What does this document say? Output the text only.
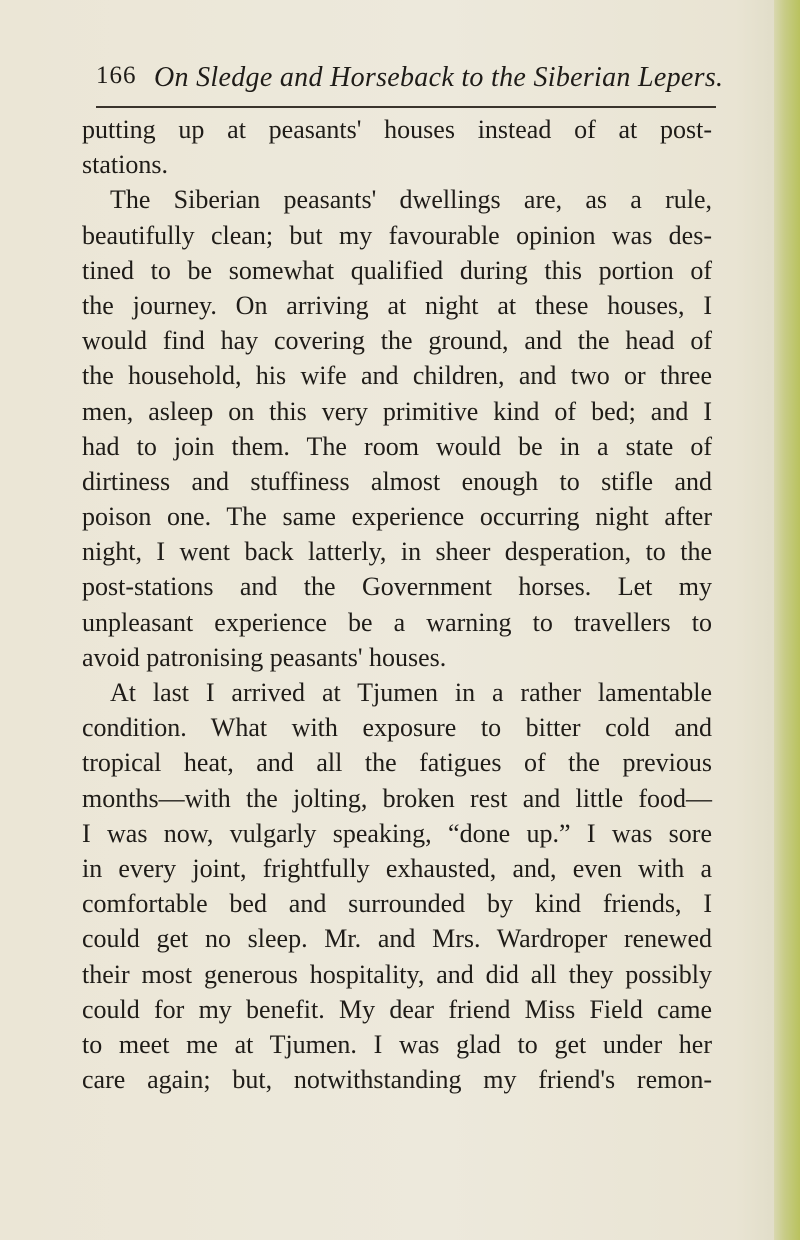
166 On Sledge and Horseback to the Siberian Lepers.
putting up at peasants' houses instead of at post-
stations.
The Siberian peasants' dwellings are, as a rule,
beautifully clean; but my favourable opinion was des-
tined to be somewhat qualified during this portion of
the journey. On arriving at night at these houses, I
would find hay covering the ground, and the head of
the household, his wife and children, and two or three
men, asleep on this very primitive kind of bed; and I
had to join them. The room would be in a state of
dirtiness and stuffiness almost enough to stifle and
poison one. The same experience occurring night after
night, I went back latterly, in sheer desperation, to the
post-stations and the Government horses. Let my
unpleasant experience be a warning to travellers to
avoid patronising peasants' houses.
At last I arrived at Tjumen in a rather lamentable
condition. What with exposure to bitter cold and
tropical heat, and all the fatigues of the previous
months—with the jolting, broken rest and little food—
I was now, vulgarly speaking, “done up.” I was sore
in every joint, frightfully exhausted, and, even with a
comfortable bed and surrounded by kind friends, I
could get no sleep. Mr. and Mrs. Wardroper renewed
their most generous hospitality, and did all they possibly
could for my benefit. My dear friend Miss Field came
to meet me at Tjumen. I was glad to get under her
care again; but, notwithstanding my friend's remon-
